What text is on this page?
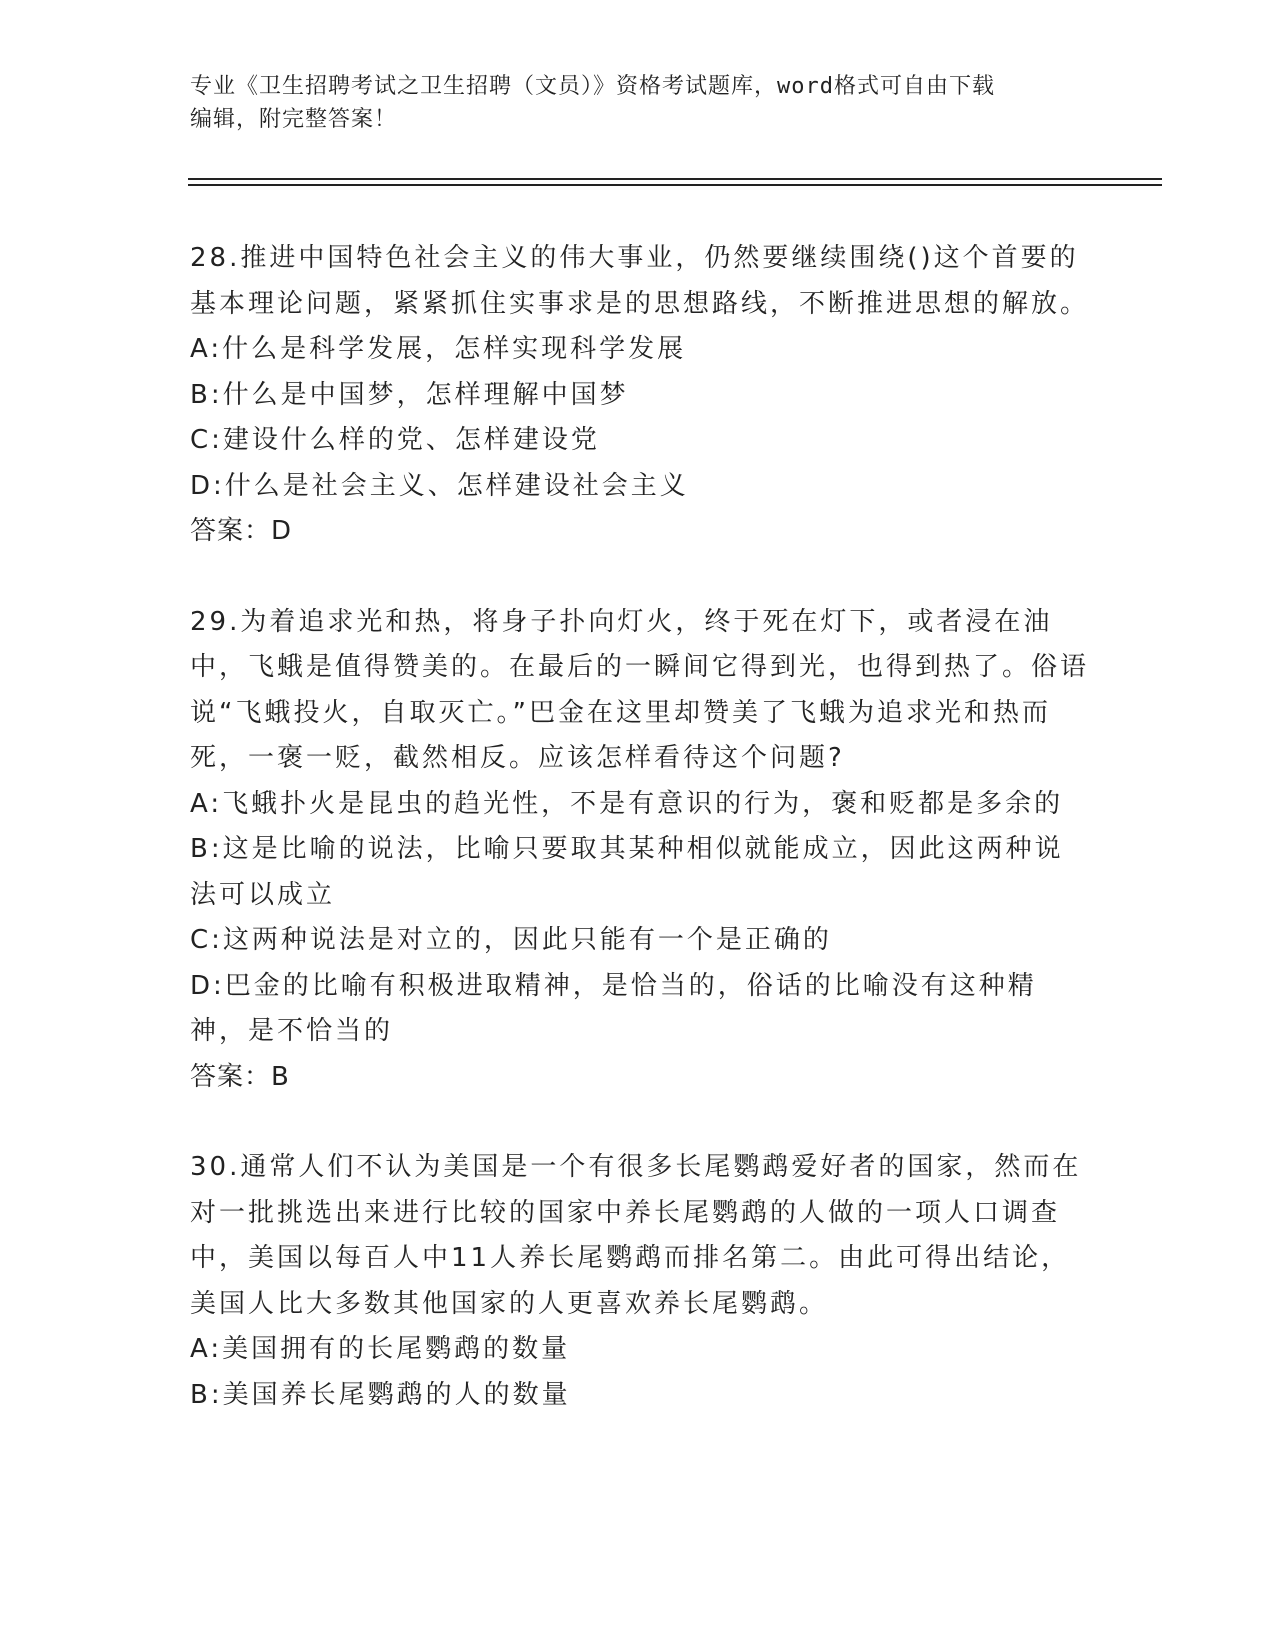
专业《卫生招聘考试之卫生招聘（文员）》资格考试题库，word格式可自由下载
编辑，附完整答案！

28.推进中国特色社会主义的伟大事业，仍然要继续围绕()这个首要的基本理论问题，紧紧抓住实事求是的思想路线，不断推进思想的解放。

A:什么是科学发展，怎样实现科学发展

B:什么是中国梦，怎样理解中国梦

C:建设什么样的党、怎样建设党

D:什么是社会主义、怎样建设社会主义

答案：D

29.为着追求光和热，将身子扑向灯火，终于死在灯下，或者浸在油中，飞蛾是值得赞美的。在最后的一瞬间它得到光，也得到热了。俗语说“飞蛾投火，自取灭亡。”巴金在这里却赞美了飞蛾为追求光和热而死，一褒一贬，截然相反。应该怎样看待这个问题?

A:飞蛾扑火是昆虫的趋光性，不是有意识的行为，褒和贬都是多余的

B:这是比喻的说法，比喻只要取其某种相似就能成立，因此这两种说法可以成立

C:这两种说法是对立的，因此只能有一个是正确的

D:巴金的比喻有积极进取精神，是恰当的，俗话的比喻没有这种精神，是不恰当的

答案：B

30.通常人们不认为美国是一个有很多长尾鹦鹉爱好者的国家，然而在对一批挑选出来进行比较的国家中养长尾鹦鹉的人做的一项人口调查中，美国以每百人中11人养长尾鹦鹉而排名第二。由此可得出结论，美国人比大多数其他国家的人更喜欢养长尾鹦鹉。

A:美国拥有的长尾鹦鹉的数量

B:美国养长尾鹦鹉的人的数量
